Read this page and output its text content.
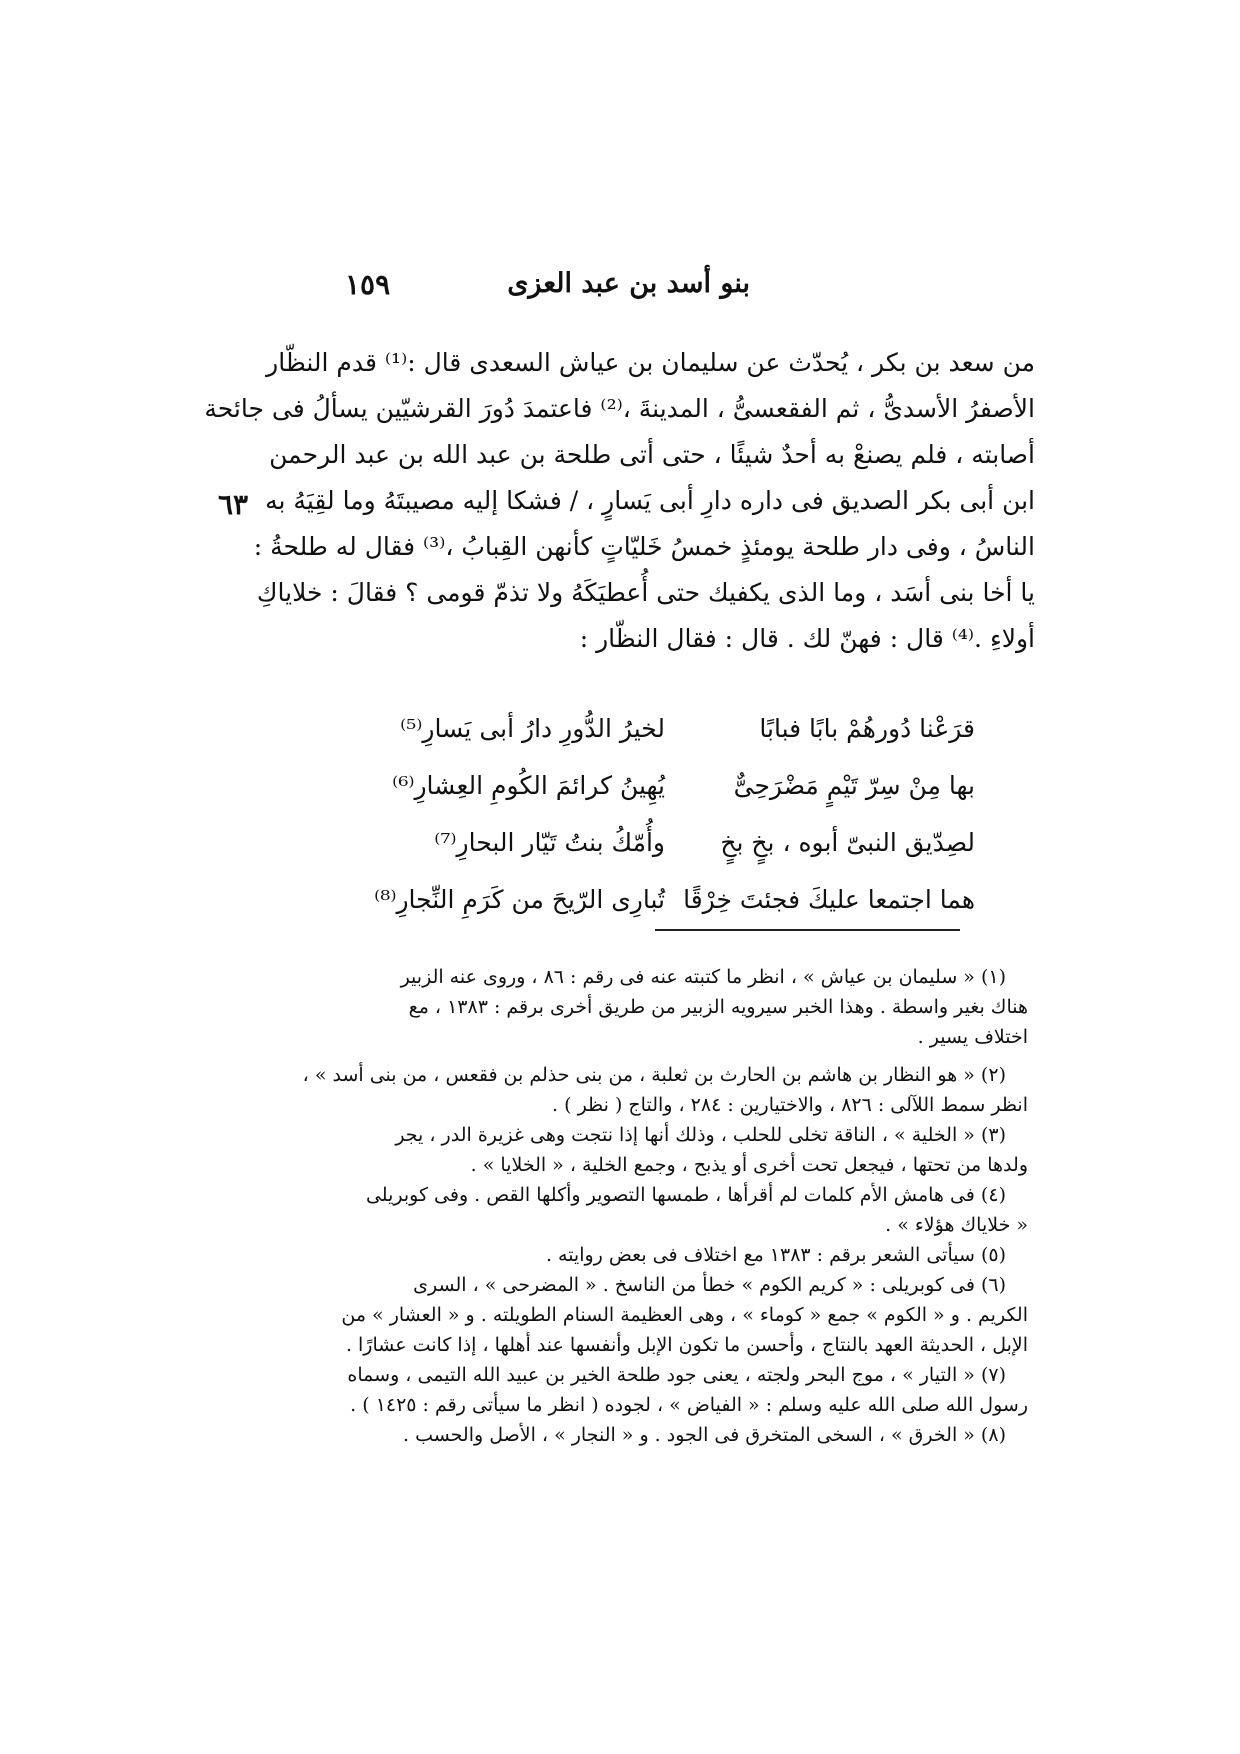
بنو أسد بن عبد العزى
١٥٩
٦٣
من سعد بن بكر ، يُحدّث عن سليمان بن عياش السعدى قال :⁽¹⁾ قدم النظّار
الأصفرُ الأسدىُّ ، ثم الفقعسىُّ ، المدينةَ ،⁽²⁾ فاعتمدَ دُورَ القرشيّين يسألُ فى جائحة
أصابته ، فلم يصنعْ به أحدٌ شيئًا ، حتى أتى طلحة بن عبد الله بن عبد الرحمن
ابن أبى بكر الصديق فى داره دارِ أبى يَسارٍ ، / فشكا إليه مصيبتَهُ وما لقِيَهُ به
الناسُ ، وفى دار طلحة يومئذٍ خمسُ خَليّاتٍ كأنهن القِبابُ ،⁽³⁾ فقال له طلحةُ :
يا أخا بنى أسَد ، وما الذى يكفيك حتى أُعطيَكَهُ ولا تذمّ قومى ؟ فقالَ : خلاياكِ
أولاءِ .⁽⁴⁾ قال : فهنّ لك . قال : فقال النظّار :
قرَعْنا دُورهُمْ بابًا فبابًا
لخيرُ الدُّورِ دارُ أبى يَسارِ⁽⁵⁾
بها مِنْ سِرّ تَيْمٍ مَضْرَحِىٌّ
يُهِينُ كرائمَ الكُومِ العِشارِ⁽⁶⁾
لصِدّيق النبىّ أبوه ، بخٍ بخٍ
وأُمّكُ بنتُ تَيّار البحارِ⁽⁷⁾
هما اجتمعا عليكَ فجئتَ خِرْقًا
تُبارِى الرّيحَ من كَرَمِ النِّجارِ⁽⁸⁾
(١) « سليمان بن عياش » ، انظر ما كتبته عنه فى رقم : ٨٦ ، وروى عنه الزبير
هناك بغير واسطة . وهذا الخبر سيرويه الزبير من طريق أخرى برقم : ١٣٨٣ ، مع
اختلاف يسير .
(٢) « هو النظار بن هاشم بن الحارث بن ثعلبة ، من بنى حذلم بن فقعس ، من بنى أسد » ،
انظر سمط اللآلى : ٨٢٦ ، والاختيارين : ٢٨٤ ، والتاج ( نظر ) .
(٣) « الخلية » ، الناقة تخلى للحلب ، وذلك أنها إذا نتجت وهى غزيرة الدر ، يجر
ولدها من تحتها ، فيجعل تحت أخرى أو يذبح ، وجمع الخلية ، « الخلايا » .
(٤) فى هامش الأم كلمات لم أقرأها ، طمسها التصوير وأكلها القص . وفى كوبريلى
« خلاياك هؤلاء » .
(٥) سيأتى الشعر برقم : ١٣٨٣ مع اختلاف فى بعض روايته .
(٦) فى كوبريلى : « كريم الكوم » خطأ من الناسخ . « المضرحى » ، السرى
الكريم . و « الكوم » جمع « كوماء » ، وهى العظيمة السنام الطويلته . و « العشار » من
الإبل ، الحديثة العهد بالنتاج ، وأحسن ما تكون الإبل وأنفسها عند أهلها ، إذا كانت عشارًا .
(٧) « التيار » ، موج البحر ولجته ، يعنى جود طلحة الخير بن عبيد الله التيمى ، وسماه
رسول الله صلى الله عليه وسلم : « الفياض » ، لجوده ( انظر ما سيأتى رقم : ١٤٢٥ ) .
(٨) « الخرق » ، السخى المتخرق فى الجود . و « النجار » ، الأصل والحسب .
